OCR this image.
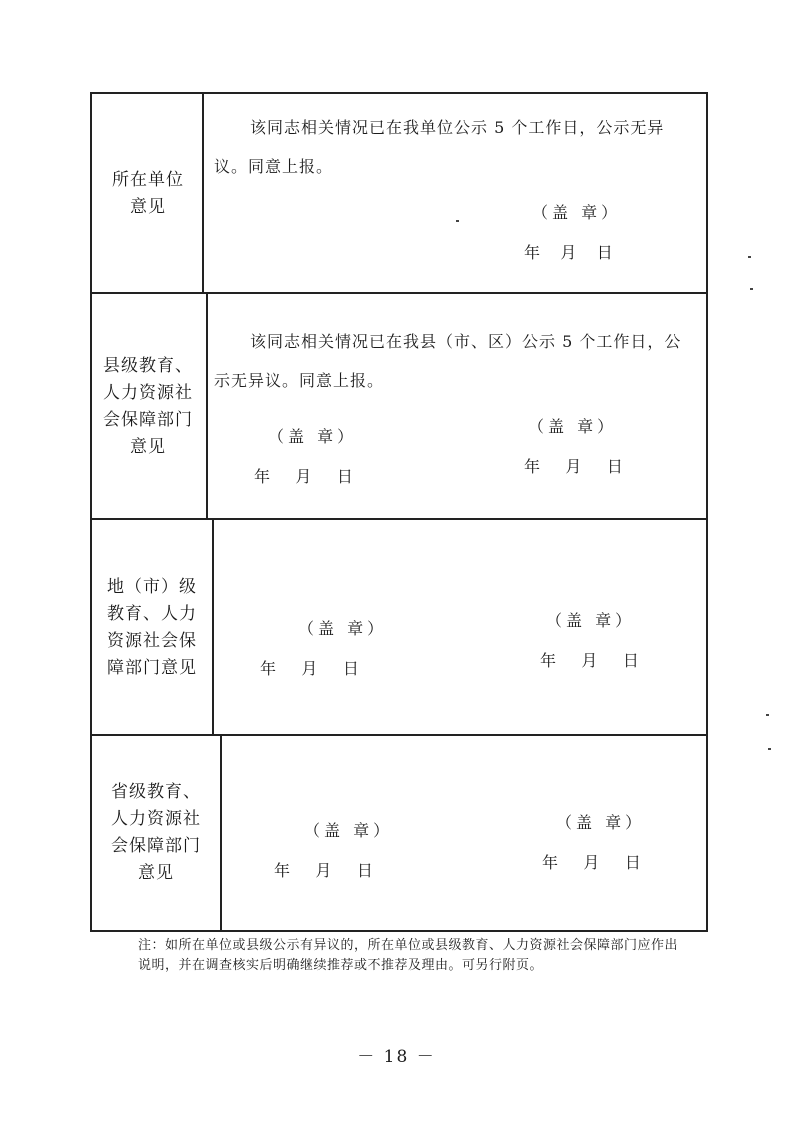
所在单位
意见
该同志相关情况已在我单位公示 5 个工作日，公示无异议。同意上报。
（盖 章）
年    月    日
县级教育、
人力资源社
会保障部门
意见
该同志相关情况已在我县（市、区）公示 5 个工作日，公示无异议。同意上报。
（盖 章）
年     月     日
（盖 章）
年     月     日
地（市）级
教育、人力
资源社会保
障部门意见
（盖 章）
年     月     日
（盖 章）
年     月     日
省级教育、
人力资源社
会保障部门
意见
（盖 章）
年     月     日
（盖 章）
年     月     日
注：如所在单位或县级公示有异议的，所在单位或县级教育、人力资源社会保障部门应作出说明，并在调查核实后明确继续推荐或不推荐及理由。可另行附页。
－ 18 －
